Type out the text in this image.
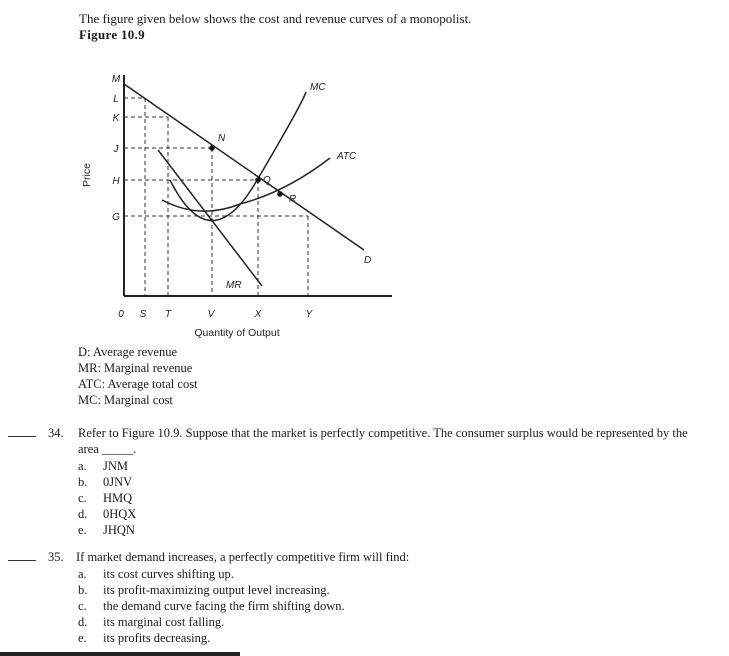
The figure given below shows the cost and revenue curves of a monopolist.
Figure 10.9
M
L
K
J
H
G
0 S T	V	X	Y
Quantity of Output
Price
MC
ATC
D
MR
N
Q
R
D: Average revenue
MR: Marginal revenue
ATC: Average total cost
MC: Marginal cost
34. Refer to Figure 10.9. Suppose that the market is perfectly competitive. The consumer surplus would be represented by the area _____.
a. JNM
b. 0JNV
c. HMQ
d. 0HQX
e. JHQN
35. If market demand increases, a perfectly competitive firm will find:
a. its cost curves shifting up.
b. its profit-maximizing output level increasing.
c. the demand curve facing the firm shifting down.
d. its marginal cost falling.
e. its profits decreasing.
